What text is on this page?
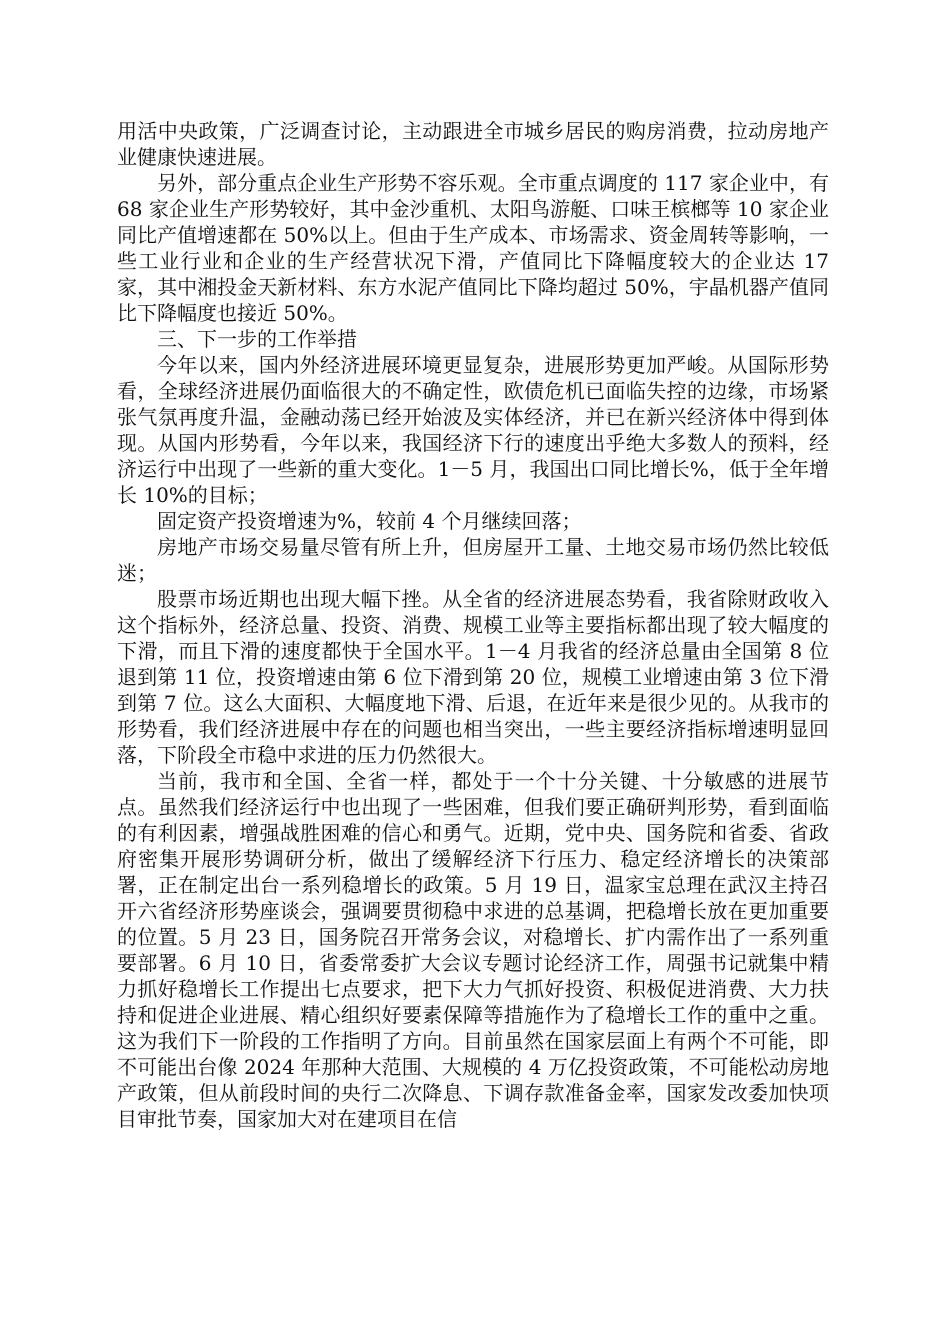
用活中央政策，广泛调查讨论，主动跟进全市城乡居民的购房消费，拉动房地产业健康快速进展。

另外，部分重点企业生产形势不容乐观。全市重点调度的 117 家企业中，有 68 家企业生产形势较好，其中金沙重机、太阳鸟游艇、口味王槟榔等 10 家企业同比产值增速都在 50%以上。但由于生产成本、市场需求、资金周转等影响，一些工业行业和企业的生产经营状况下滑，产值同比下降幅度较大的企业达 17 家，其中湘投金天新材料、东方水泥产值同比下降均超过 50%，宇晶机器产值同比下降幅度也接近 50%。

三、下一步的工作举措

今年以来，国内外经济进展环境更显复杂，进展形势更加严峻。从国际形势看，全球经济进展仍面临很大的不确定性，欧债危机已面临失控的边缘，市场紧张气氛再度升温，金融动荡已经开始波及实体经济，并已在新兴经济体中得到体现。从国内形势看，今年以来，我国经济下行的速度出乎绝大多数人的预料，经济运行中出现了一些新的重大变化。1－5 月，我国出口同比增长%，低于全年增长 10%的目标；

固定资产投资增速为%，较前 4 个月继续回落；

房地产市场交易量尽管有所上升，但房屋开工量、土地交易市场仍然比较低迷；

股票市场近期也出现大幅下挫。从全省的经济进展态势看，我省除财政收入这个指标外，经济总量、投资、消费、规模工业等主要指标都出现了较大幅度的下滑，而且下滑的速度都快于全国水平。1－4 月我省的经济总量由全国第 8 位退到第 11 位，投资增速由第 6 位下滑到第 20 位，规模工业增速由第 3 位下滑到第 7 位。这么大面积、大幅度地下滑、后退，在近年来是很少见的。从我市的形势看，我们经济进展中存在的问题也相当突出，一些主要经济指标增速明显回落，下阶段全市稳中求进的压力仍然很大。

当前，我市和全国、全省一样，都处于一个十分关键、十分敏感的进展节点。虽然我们经济运行中也出现了一些困难，但我们要正确研判形势，看到面临的有利因素，增强战胜困难的信心和勇气。近期，党中央、国务院和省委、省政府密集开展形势调研分析，做出了缓解经济下行压力、稳定经济增长的决策部署，正在制定出台一系列稳增长的政策。5 月 19 日，温家宝总理在武汉主持召开六省经济形势座谈会，强调要贯彻稳中求进的总基调，把稳增长放在更加重要的位置。5 月 23 日，国务院召开常务会议，对稳增长、扩内需作出了一系列重要部署。6 月 10 日，省委常委扩大会议专题讨论经济工作，周强书记就集中精力抓好稳增长工作提出七点要求，把下大力气抓好投资、积极促进消费、大力扶持和促进企业进展、精心组织好要素保障等措施作为了稳增长工作的重中之重。这为我们下一阶段的工作指明了方向。目前虽然在国家层面上有两个不可能，即不可能出台像 2024 年那种大范围、大规模的 4 万亿投资政策，不可能松动房地产政策，但从前段时间的央行二次降息、下调存款准备金率，国家发改委加快项目审批节奏，国家加大对在建项目在信
